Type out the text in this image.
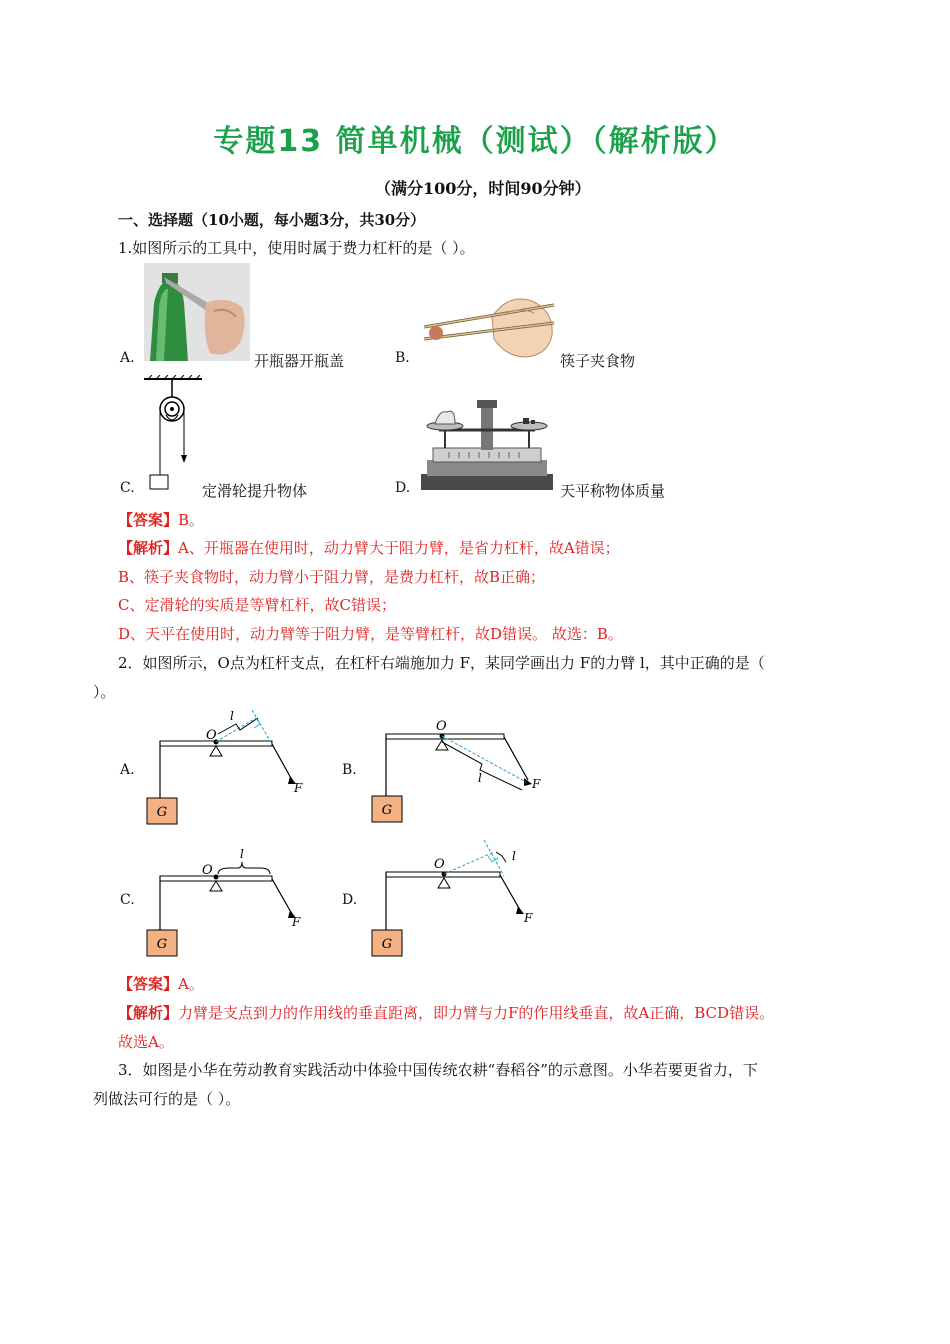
专题13 简单机械（测试）（解析版）
（满分100分，时间90分钟）
一、选择题（10小题，每小题3分，共30分）
1.如图所示的工具中，使用时属于费力杠杆的是（ ）。
A.	开瓶器开瓶盖	B.	筷子夹食物
C.	定滑轮提升物体	D.	天平称物体质量
【答案】B。
【解析】A、开瓶器在使用时，动力臂大于阻力臂，是省力杠杆，故A错误；
B、筷子夹食物时，动力臂小于阻力臂，是费力杠杆，故B正确；
C、定滑轮的实质是等臂杠杆，故C错误；
D、天平在使用时，动力臂等于阻力臂，是等臂杠杆，故D错误。 故选：B。
2．如图所示，O点为杠杆支点，在杠杆右端施加力 F，某同学画出力 F的力臂 l，其中正确的是（
）。
A.
G
O
F
l
B.
G
O
F
l
C.
G
O
l
F
D.
G
O
l
F
【答案】A。
【解析】力臂是支点到力的作用线的垂直距离，即力臂与力F的作用线垂直，故A正确，BCD错误。
故选A。
3．如图是小华在劳动教育实践活动中体验中国传统农耕“舂稻谷”的示意图。小华若要更省力，下
列做法可行的是（ ）。
